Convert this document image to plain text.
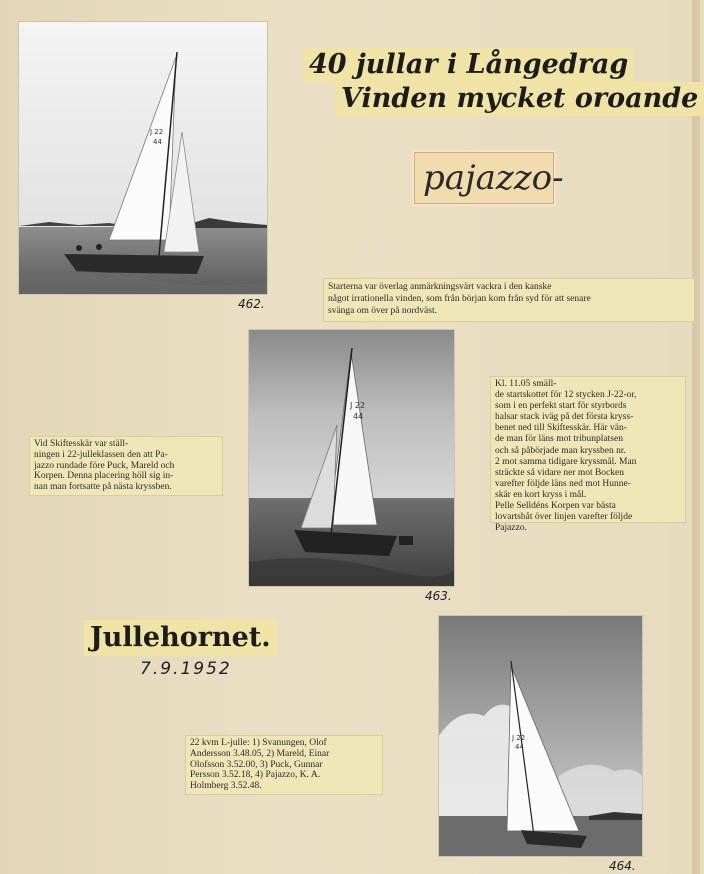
J 22
44
462.
40 jullar i Långedrag
Vinden mycket oroande
pajazzo-
Starterna var överlag anmärkningsvärt vackra i den kanske
något irrationella vinden, som från början kom från syd för att senare
svänga om över på nordväst.
J 22
44
463.
Kl. 11.05 smäll-
de startskottet för 12 stycken J-22-or,
som i en perfekt start för styrbords
halsar stack iväg på det första kryss-
benet ned till Skiftesskär. Här vän-
de man för läns mot tribunplatsen
och så påbörjade man kryssben nr.
2 mot samma tidigare kryssmål. Man
sträckte så vidare ner mot Bocken
varefter följde läns ned mot Hunne-
skär en kort kryss i mål.
Pelle Selldéns Korpen var bästa
lovartsbåt över linjen varefter följde
Pajazzo.
Vid Skiftesskär var ställ-
ningen i 22-julleklassen den att Pa-
jazzo rundade före Puck, Mareld och
Korpen. Denna placering höll sig in-
nan man fortsatte på nästa kryssben.
Jullehornet.
7.9.1952
22 kvm L-julle: 1) Svanungen, Olof
Andersson 3.48.05, 2) Mareld, Einar
Olofsson 3.52.00, 3) Puck, Gunnar
Persson 3.52.18, 4) Pajazzo, K. A.
Holmberg 3.52.48.
J 22
44
464.
